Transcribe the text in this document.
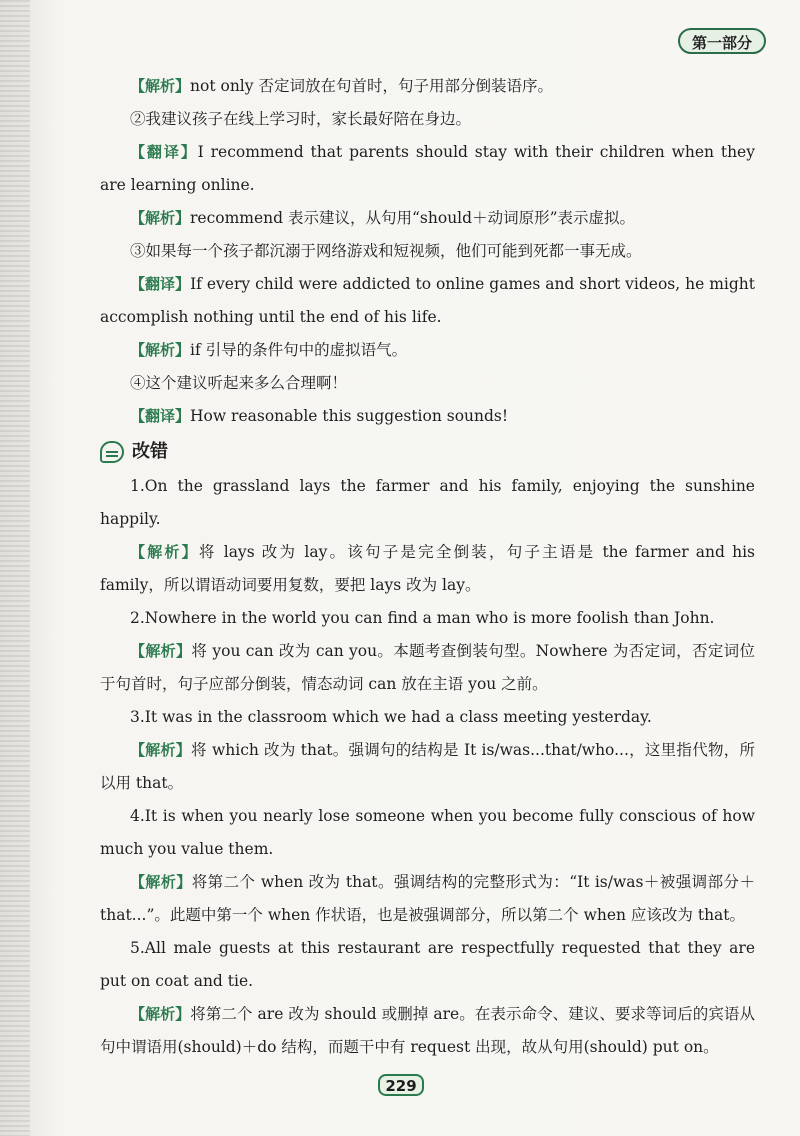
第一部分

【解析】not only 否定词放在句首时，句子用部分倒装语序。

②我建议孩子在线上学习时，家长最好陪在身边。

【翻译】I recommend that parents should stay with their children when they are learning online.

【解析】recommend 表示建议，从句用“should＋动词原形”表示虚拟。

③如果每一个孩子都沉溺于网络游戏和短视频，他们可能到死都一事无成。

【翻译】If every child were addicted to online games and short videos, he might accomplish nothing until the end of his life.

【解析】if 引导的条件句中的虚拟语气。

④这个建议听起来多么合理啊！

【翻译】How reasonable this suggestion sounds!

改错

1.On the grassland lays the farmer and his family, enjoying the sunshine happily.

【解析】将 lays 改为 lay。该句子是完全倒装，句子主语是 the farmer and his family，所以谓语动词要用复数，要把 lays 改为 lay。

2.Nowhere in the world you can find a man who is more foolish than John.

【解析】将 you can 改为 can you。本题考查倒装句型。Nowhere 为否定词，否定词位于句首时，句子应部分倒装，情态动词 can 放在主语 you 之前。

3.It was in the classroom which we had a class meeting yesterday.

【解析】将 which 改为 that。强调句的结构是 It is/was...that/who...，这里指代物，所以用 that。

4.It is when you nearly lose someone when you become fully conscious of how much you value them.

【解析】将第二个 when 改为 that。强调结构的完整形式为：“It is/was＋被强调部分＋that...”。此题中第一个 when 作状语，也是被强调部分，所以第二个 when 应该改为 that。

5.All male guests at this restaurant are respectfully requested that they are put on coat and tie.

【解析】将第二个 are 改为 should 或删掉 are。在表示命令、建议、要求等词后的宾语从句中谓语用(should)＋do 结构，而题干中有 request 出现，故从句用(should) put on。

229
